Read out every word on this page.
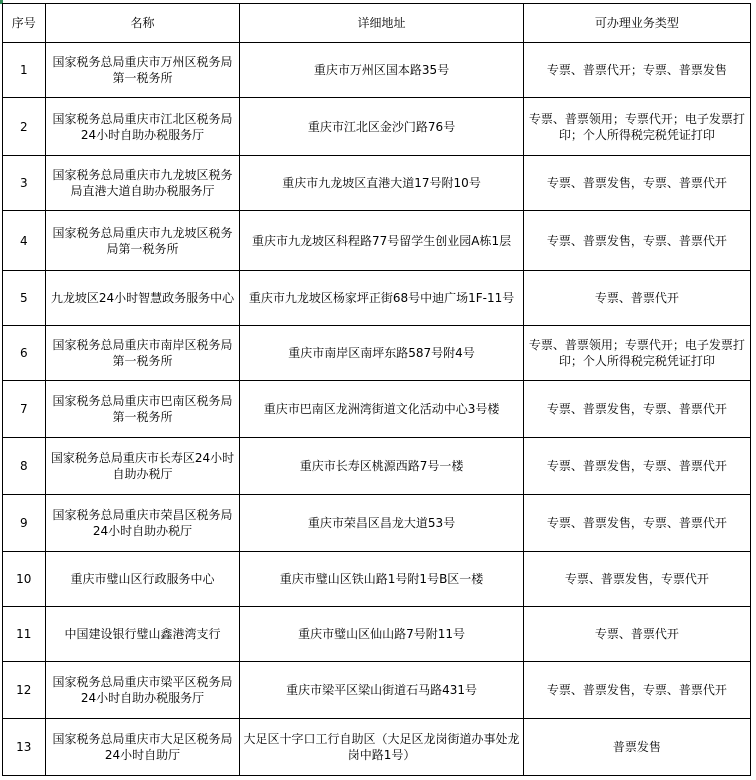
序号	名称	详细地址	可办理业务类型
1	国家税务总局重庆市万州区税务局第一税务所	重庆市万州区国本路35号	专票、普票代开；专票、普票发售
2	国家税务总局重庆市江北区税务局24小时自助办税服务厅	重庆市江北区金沙门路76号	专票、普票领用；专票代开；电子发票打印；个人所得税完税凭证打印
3	国家税务总局重庆市九龙坡区税务局直港大道自助办税服务厅	重庆市九龙坡区直港大道17号附10号	专票、普票发售，专票、普票代开
4	国家税务总局重庆市九龙坡区税务局第一税务所	重庆市九龙坡区科程路77号留学生创业园A栋1层	专票、普票发售，专票、普票代开
5	九龙坡区24小时智慧政务服务中心	重庆市九龙坡区杨家坪正街68号中迪广场1F-11号	专票、普票代开
6	国家税务总局重庆市南岸区税务局第一税务所	重庆市南岸区南坪东路587号附4号	专票、普票领用；专票代开；电子发票打印；个人所得税完税凭证打印
7	国家税务总局重庆市巴南区税务局第一税务所	重庆市巴南区龙洲湾街道文化活动中心3号楼	专票、普票发售，专票、普票代开
8	国家税务总局重庆市长寿区24小时自助办税厅	重庆市长寿区桃源西路7号一楼	专票、普票发售，专票、普票代开
9	国家税务总局重庆市荣昌区税务局24小时自助办税厅	重庆市荣昌区昌龙大道53号	专票、普票发售，专票、普票代开
10	重庆市璧山区行政服务中心	重庆市璧山区铁山路1号附1号B区一楼	专票、普票发售，专票代开
11	中国建设银行璧山鑫港湾支行	重庆市璧山区仙山路7号附11号	专票、普票代开
12	国家税务总局重庆市梁平区税务局24小时自助办税服务厅	重庆市梁平区梁山街道石马路431号	专票、普票发售，专票、普票代开
13	国家税务总局重庆市大足区税务局24小时自助厅	大足区十字口工行自助区（大足区龙岗街道办事处龙岗中路1号）	普票发售
